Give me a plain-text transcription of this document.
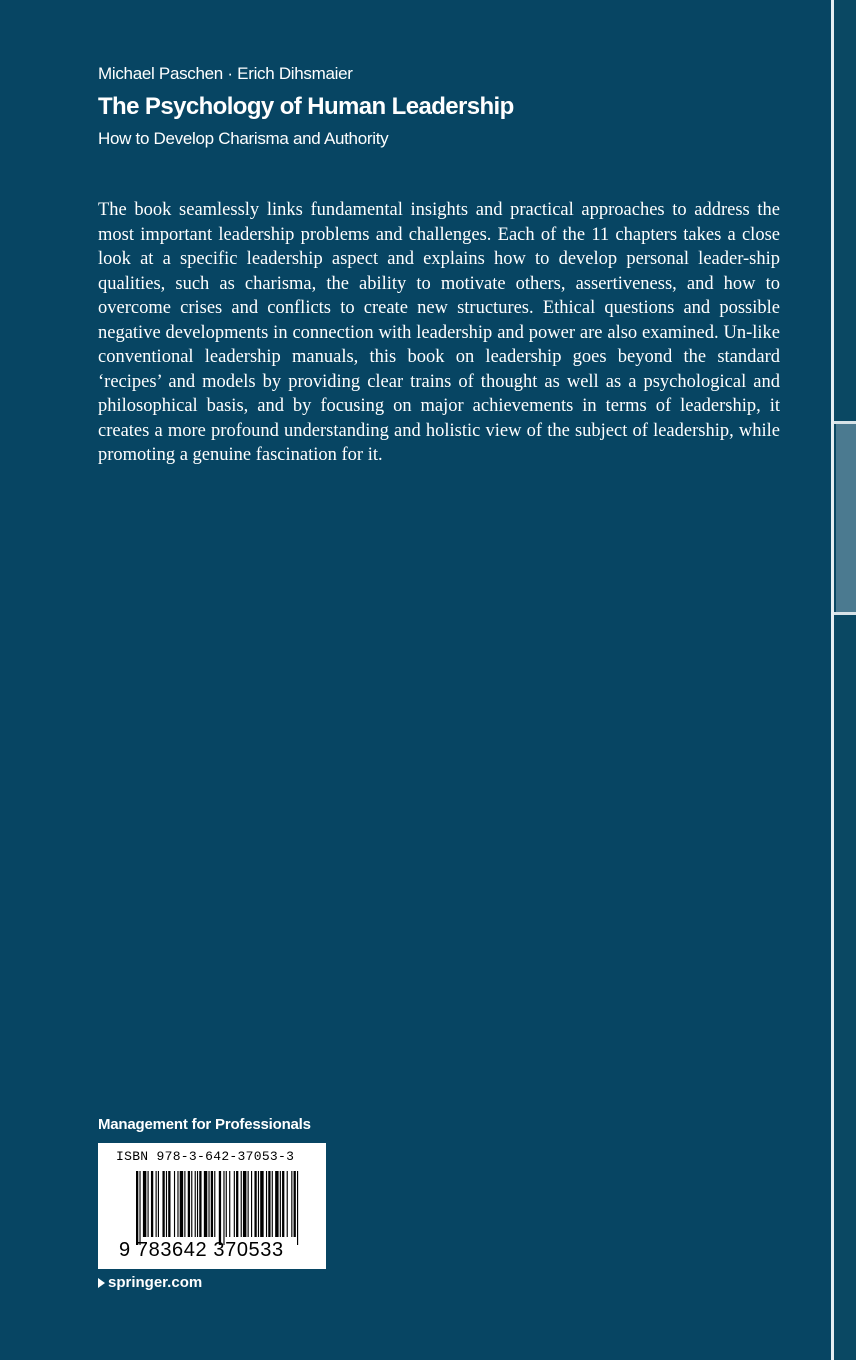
Michael Paschen · Erich Dihsmaier
The Psychology of Human Leadership
How to Develop Charisma and Authority

The book seamlessly links fundamental insights and practical approaches to address the most important leadership problems and challenges. Each of the 11 chapters takes a close look at a specific leadership aspect and explains how to develop personal leader-ship qualities, such as charisma, the ability to motivate others, assertiveness, and how to overcome crises and conflicts to create new structures. Ethical questions and possible negative developments in connection with leadership and power are also examined. Un-like conventional leadership manuals, this book on leadership goes beyond the standard ‘recipes’ and models by providing clear trains of thought as well as a psychological and philosophical basis, and by focusing on major achievements in terms of leadership, it creates a more profound understanding and holistic view of the subject of leadership, while promoting a genuine fascination for it.

Management for Professionals
ISBN 978-3-642-37053-3
9 783642 370533
springer.com
